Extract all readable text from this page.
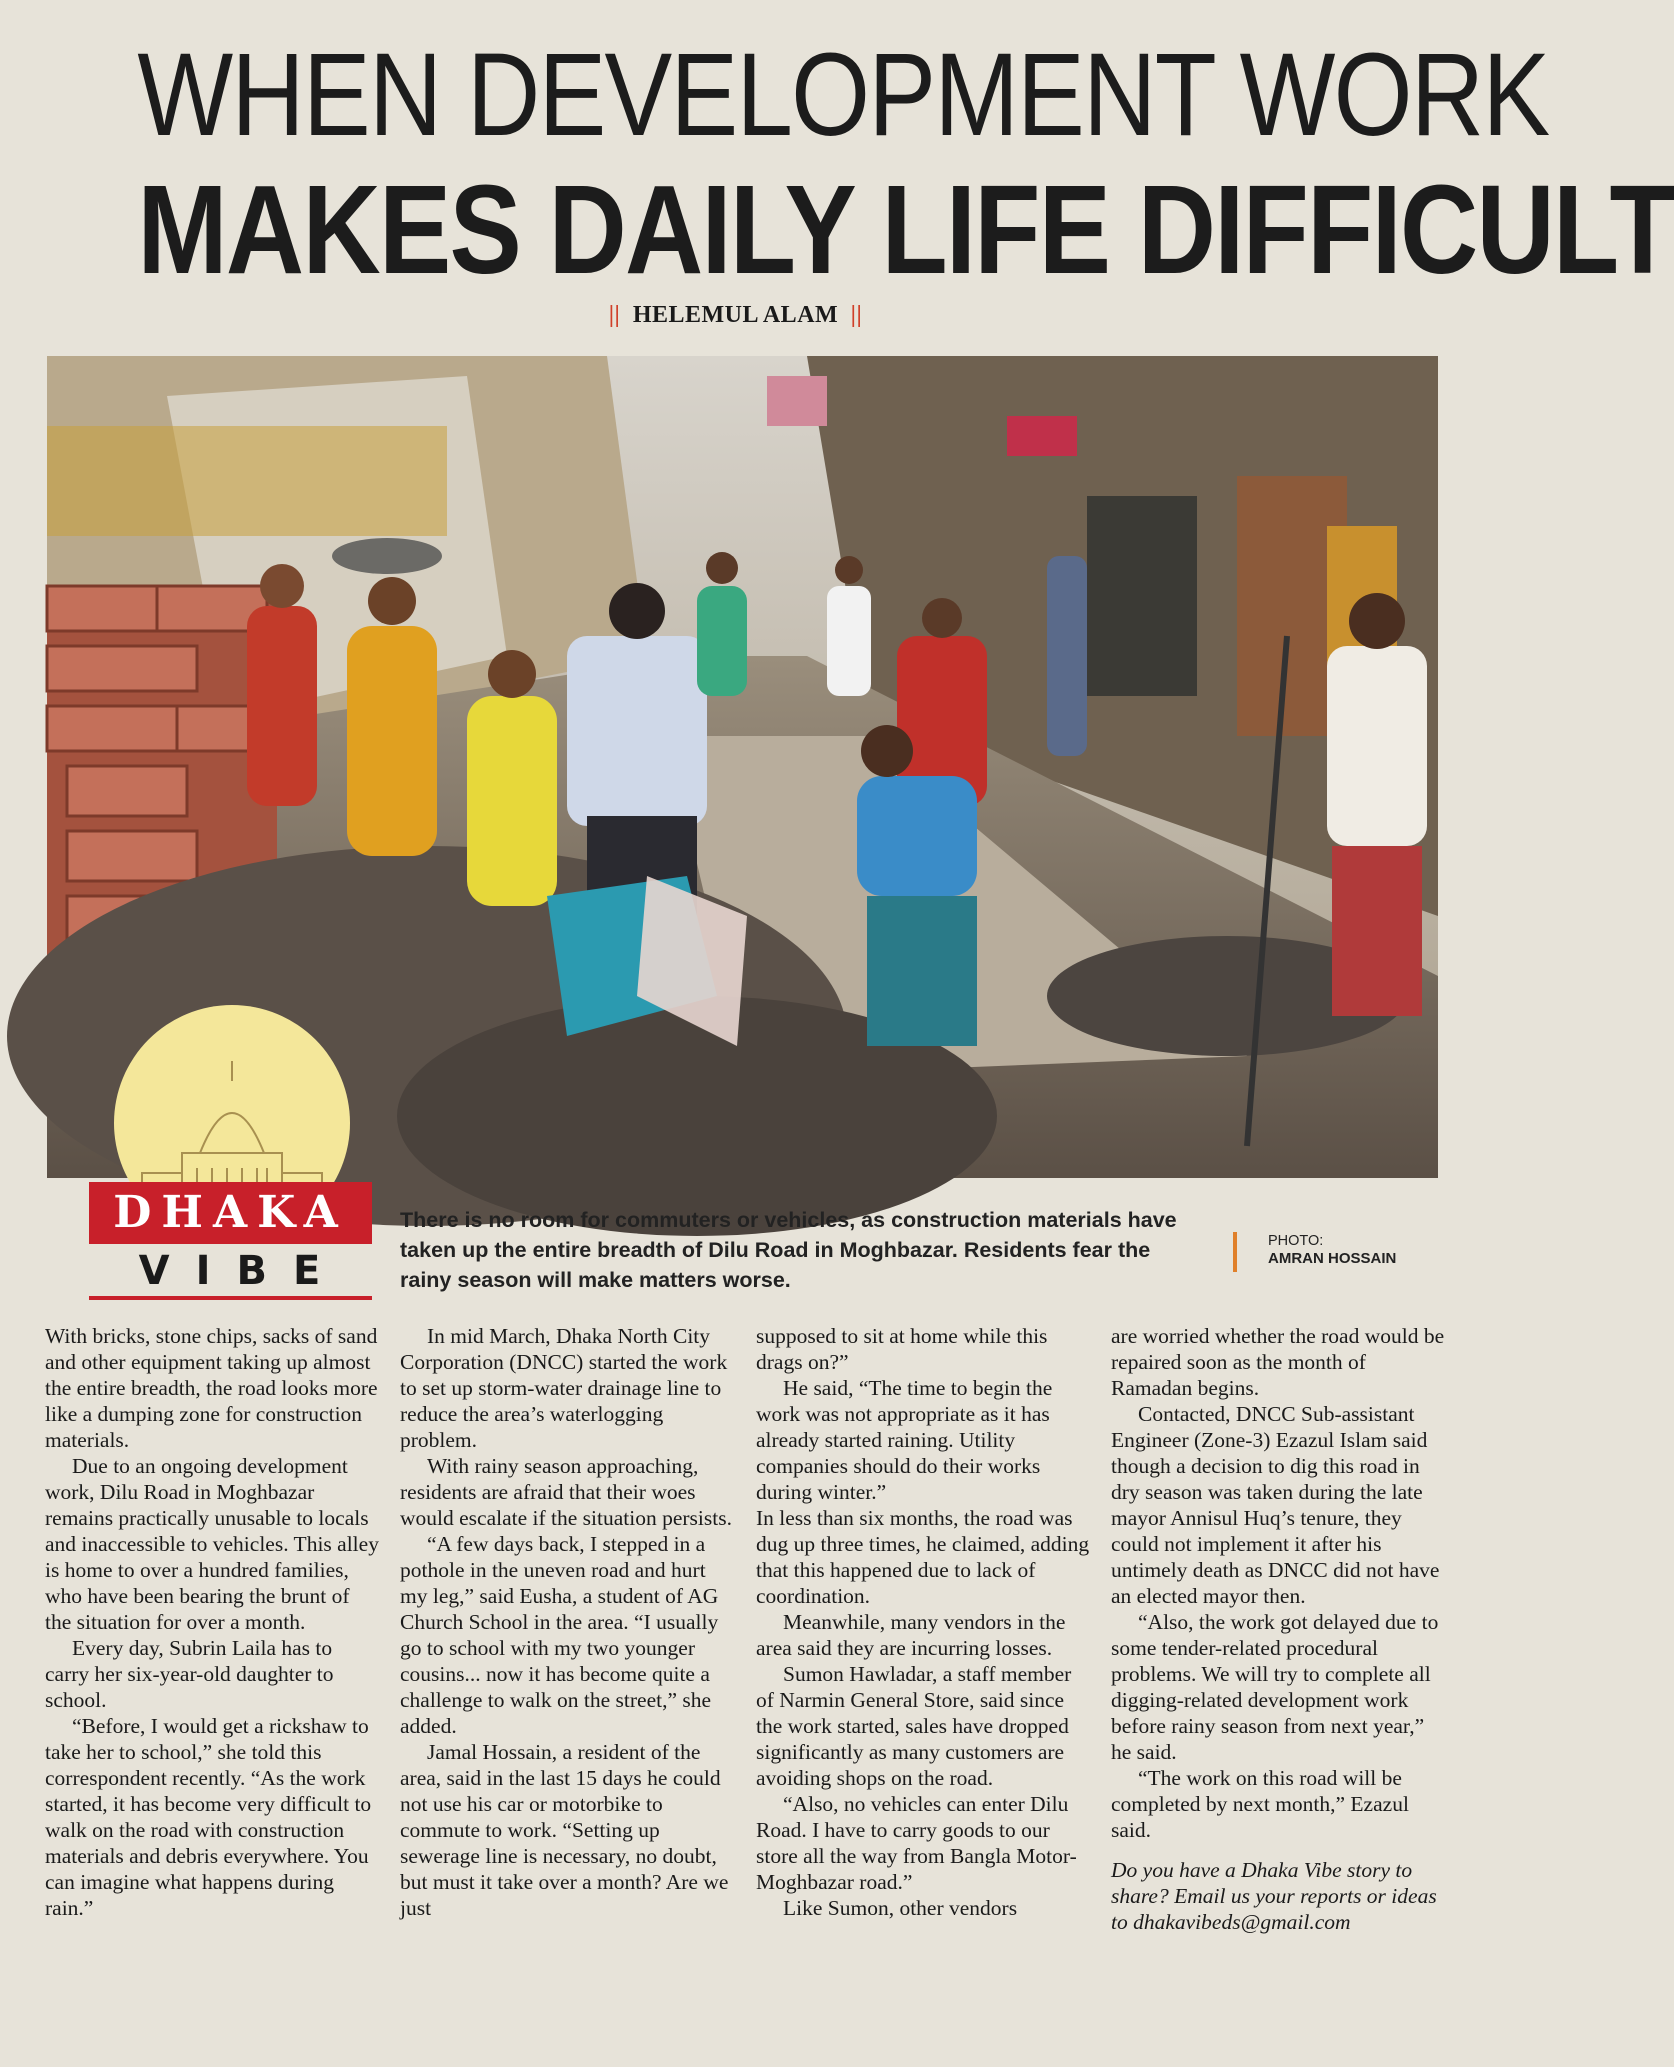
WHEN DEVELOPMENT WORK
MAKES DAILY LIFE DIFFICULT
|| HELEMUL ALAM ||
DHAKA
VIBE
There is no room for commuters or vehicles, as construction materials have taken up the entire breadth of Dilu Road in Moghbazar. Residents fear the rainy season will make matters worse.
PHOTO:
AMRAN HOSSAIN

With bricks, stone chips, sacks of sand and other equipment taking up almost the entire breadth, the road looks more like a dumping zone for construction materials.

Due to an ongoing development work, Dilu Road in Moghbazar remains practically unusable to locals and inaccessible to vehicles. This alley is home to over a hundred families, who have been bearing the brunt of the situation for over a month.

Every day, Subrin Laila has to carry her six-year-old daughter to school.

“Before, I would get a rickshaw to take her to school,” she told this correspondent recently. “As the work started, it has become very difficult to walk on the road with construction materials and debris everywhere. You can imagine what happens during rain.”

In mid March, Dhaka North City Corporation (DNCC) started the work to set up storm-water drainage line to reduce the area’s waterlogging problem.

With rainy season approaching, residents are afraid that their woes would escalate if the situation persists.

“A few days back, I stepped in a pothole in the uneven road and hurt my leg,” said Eusha, a student of AG Church School in the area. “I usually go to school with my two younger cousins... now it has become quite a challenge to walk on the street,” she added.

Jamal Hossain, a resident of the area, said in the last 15 days he could not use his car or motorbike to commute to work. “Setting up sewerage line is necessary, no doubt, but must it take over a month? Are we just

supposed to sit at home while this drags on?”

He said, “The time to begin the work was not appropriate as it has already started raining. Utility companies should do their works during winter.”

In less than six months, the road was dug up three times, he claimed, adding that this happened due to lack of coordination.

Meanwhile, many vendors in the area said they are incurring losses.

Sumon Hawladar, a staff member of Narmin General Store, said since the work started, sales have dropped significantly as many customers are avoiding shops on the road.

“Also, no vehicles can enter Dilu Road. I have to carry goods to our store all the way from Bangla Motor-Moghbazar road.”

Like Sumon, other vendors

are worried whether the road would be repaired soon as the month of Ramadan begins.

Contacted, DNCC Sub-assistant Engineer (Zone-3) Ezazul Islam said though a decision to dig this road in dry season was taken during the late mayor Annisul Huq’s tenure, they could not implement it after his untimely death as DNCC did not have an elected mayor then.

“Also, the work got delayed due to some tender-related procedural problems. We will try to complete all digging-related development work before rainy season from next year,” he said.

“The work on this road will be completed by next month,” Ezazul said.

Do you have a Dhaka Vibe story to share? Email us your reports or ideas to dhakavibeds@gmail.com
